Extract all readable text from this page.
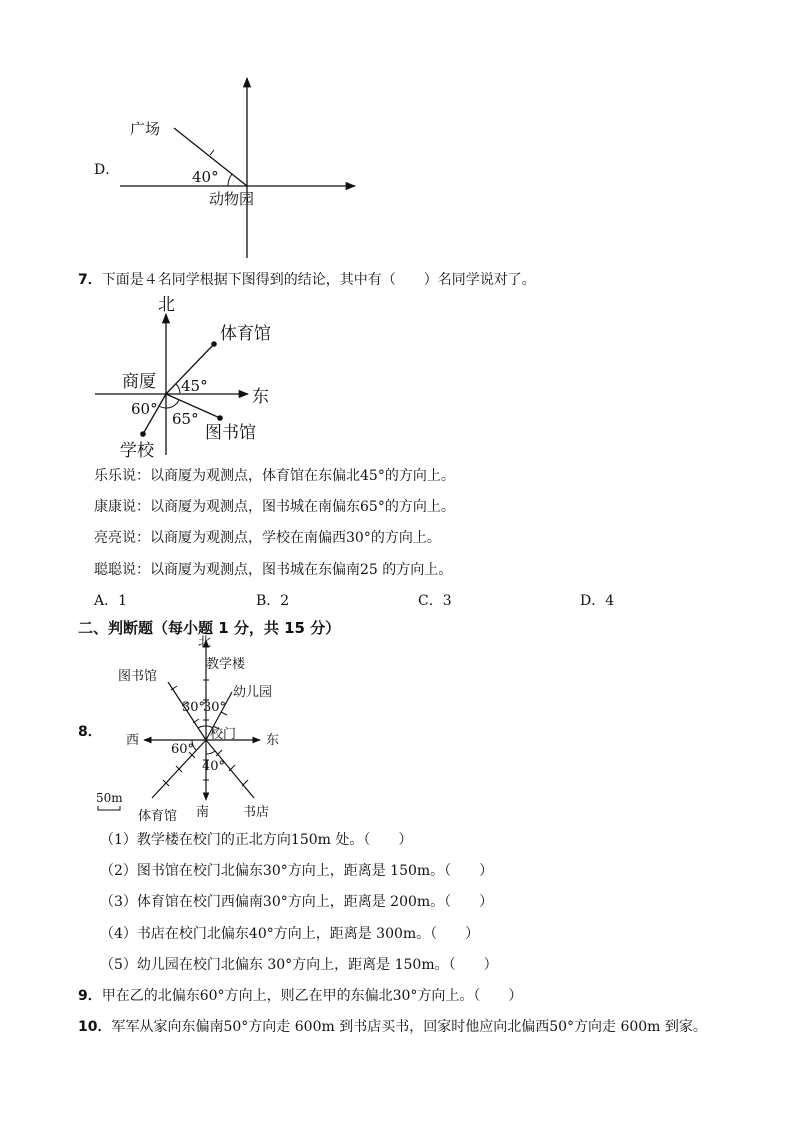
D．
广场
40°
动物园
7．下面是４名同学根据下图得到的结论，其中有（　　）名同学说对了。
北
体育馆
商厦 45°
东
60°
65°
图书馆
学校
乐乐说：以商厦为观测点，体育馆在东偏北45°的方向上。
康康说：以商厦为观测点，图书城在南偏东65°的方向上。
亮亮说：以商厦为观测点，学校在南偏西30°的方向上。
聪聪说：以商厦为观测点，图书城在东偏南25 的方向上。
A．1	B．2	C．3	D．4
二、判断题（每小题 1 分，共 15 分）
8．
北
教学楼
图书馆
幼儿园
30°
30°
校门
西	东
60°
40°
50m
体育馆 南	书店
（1）教学楼在校门的正北方向150m 处。（　　）
（2）图书馆在校门北偏东30°方向上，距离是 150m。（　　）
（3）体育馆在校门西偏南30°方向上，距离是 200m。（　　）
（4）书店在校门北偏东40°方向上，距离是 300m。（　　）
（5）幼儿园在校门北偏东 30°方向上，距离是 150m。（　　）
9．甲在乙的北偏东60°方向上，则乙在甲的东偏北30°方向上。（　　）
10．军军从家向东偏南50°方向走 600m 到书店买书，回家时他应向北偏西50°方向走 600m 到家。
